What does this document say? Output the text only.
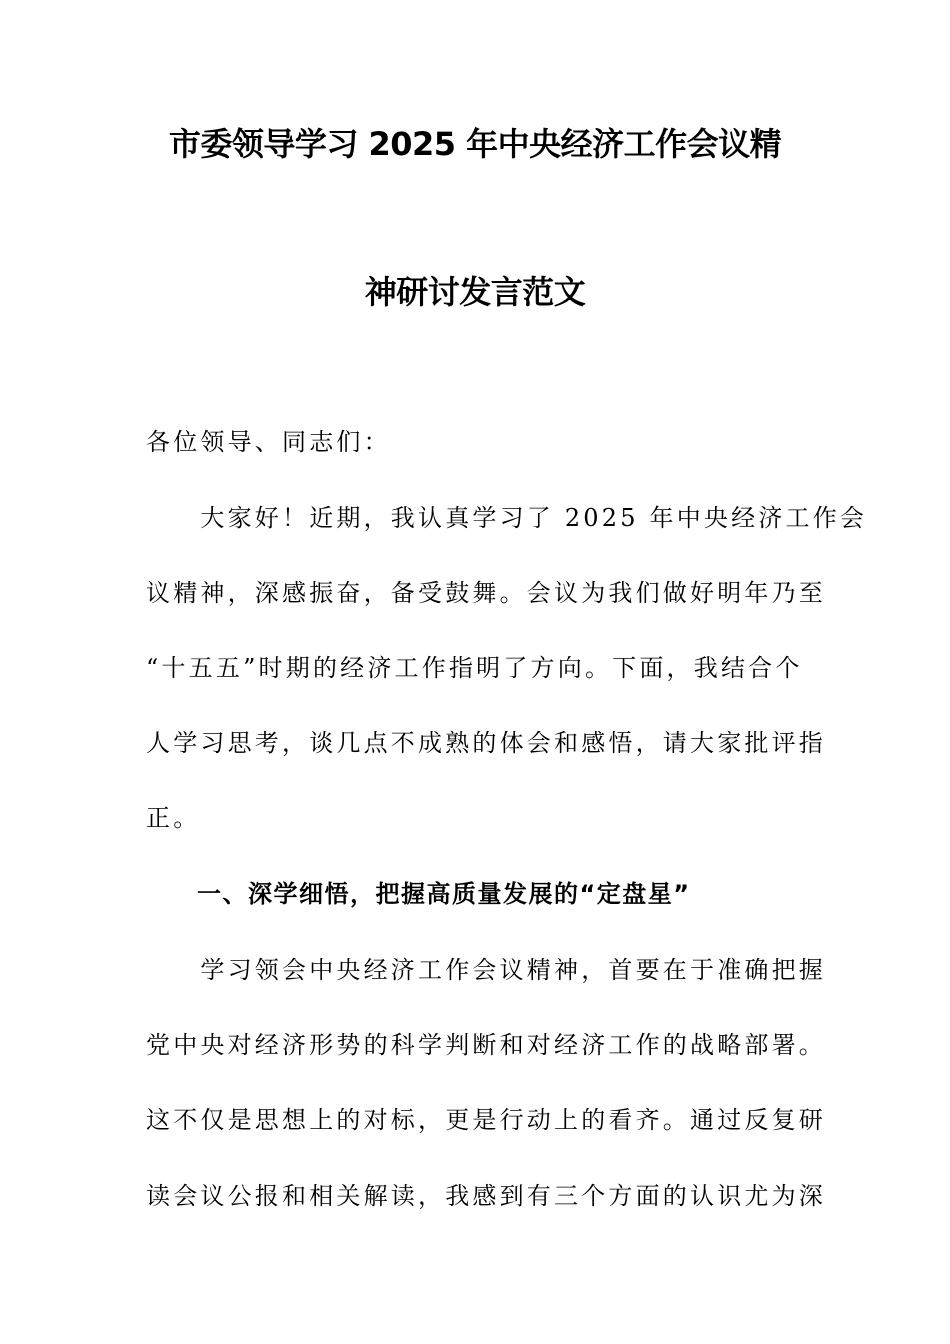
市委领导学习 2025 年中央经济工作会议精
神研讨发言范文
各位领导、同志们：
　　大家好！近期，我认真学习了 2025 年中央经济工作会
议精神，深感振奋，备受鼓舞。会议为我们做好明年乃至
“十五五”时期的经济工作指明了方向。下面，我结合个
人学习思考，谈几点不成熟的体会和感悟，请大家批评指
正。
　　一、深学细悟，把握高质量发展的“定盘星”
　　学习领会中央经济工作会议精神，首要在于准确把握
党中央对经济形势的科学判断和对经济工作的战略部署。
这不仅是思想上的对标，更是行动上的看齐。通过反复研
读会议公报和相关解读，我感到有三个方面的认识尤为深
